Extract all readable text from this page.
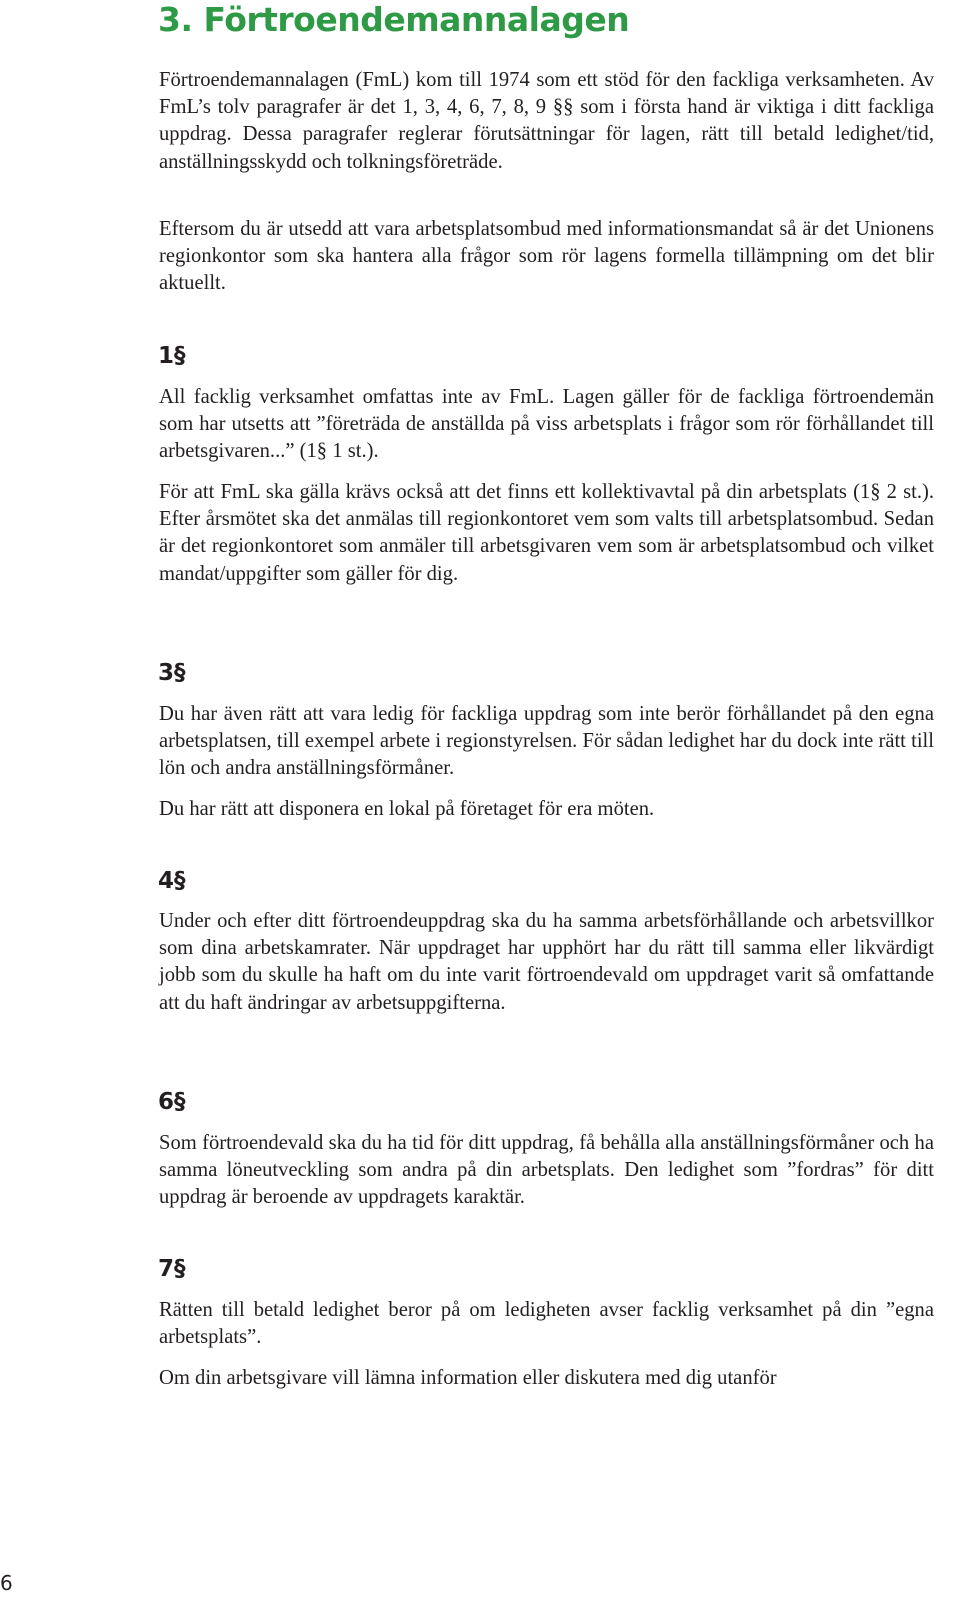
3. Förtroendemannalagen

Förtroendemannalagen (FmL) kom till 1974 som ett stöd för den fackliga verksamheten. Av FmL’s tolv paragrafer är det 1, 3, 4, 6, 7, 8, 9 §§ som i första hand är viktiga i ditt fackliga uppdrag. Dessa paragrafer reglerar förutsättningar för lagen, rätt till betald ledighet/tid, anställningsskydd och tolkningsföreträde.

Eftersom du är utsedd att vara arbetsplatsombud med informationsmandat så är det Unionens regionkontor som ska hantera alla frågor som rör lagens formella tillämpning om det blir aktuellt.

1§

All facklig verksamhet omfattas inte av FmL. Lagen gäller för de fackliga förtroendemän som har utsetts att ”företräda de anställda på viss arbetsplats i frågor som rör förhållandet till arbetsgivaren...” (1§ 1 st.).

För att FmL ska gälla krävs också att det finns ett kollektivavtal på din arbetsplats (1§ 2 st.). Efter årsmötet ska det anmälas till regionkontoret vem som valts till arbetsplatsombud. Sedan är det regionkontoret som anmäler till arbetsgivaren vem som är arbetsplatsombud och vilket mandat/uppgifter som gäller för dig.

3§

Du har även rätt att vara ledig för fackliga uppdrag som inte berör förhållandet på den egna arbetsplatsen, till exempel arbete i regionstyrelsen. För sådan ledighet har du dock inte rätt till lön och andra anställningsförmåner.

Du har rätt att disponera en lokal på företaget för era möten.

4§

Under och efter ditt förtroendeuppdrag ska du ha samma arbetsförhållande och arbetsvillkor som dina arbetskamrater. När uppdraget har upphört har du rätt till samma eller likvärdigt jobb som du skulle ha haft om du inte varit förtroendevald om uppdraget varit så omfattande att du haft ändringar av arbetsuppgifterna.

6§

Som förtroendevald ska du ha tid för ditt uppdrag, få behålla alla anställningsförmåner och ha samma löneutveckling som andra på din arbetsplats. Den ledighet som ”fordras” för ditt uppdrag är beroende av uppdragets karaktär.

7§

Rätten till betald ledighet beror på om ledigheten avser facklig verksamhet på din ”egna arbetsplats”.

Om din arbetsgivare vill lämna information eller diskutera med dig utanför

6
